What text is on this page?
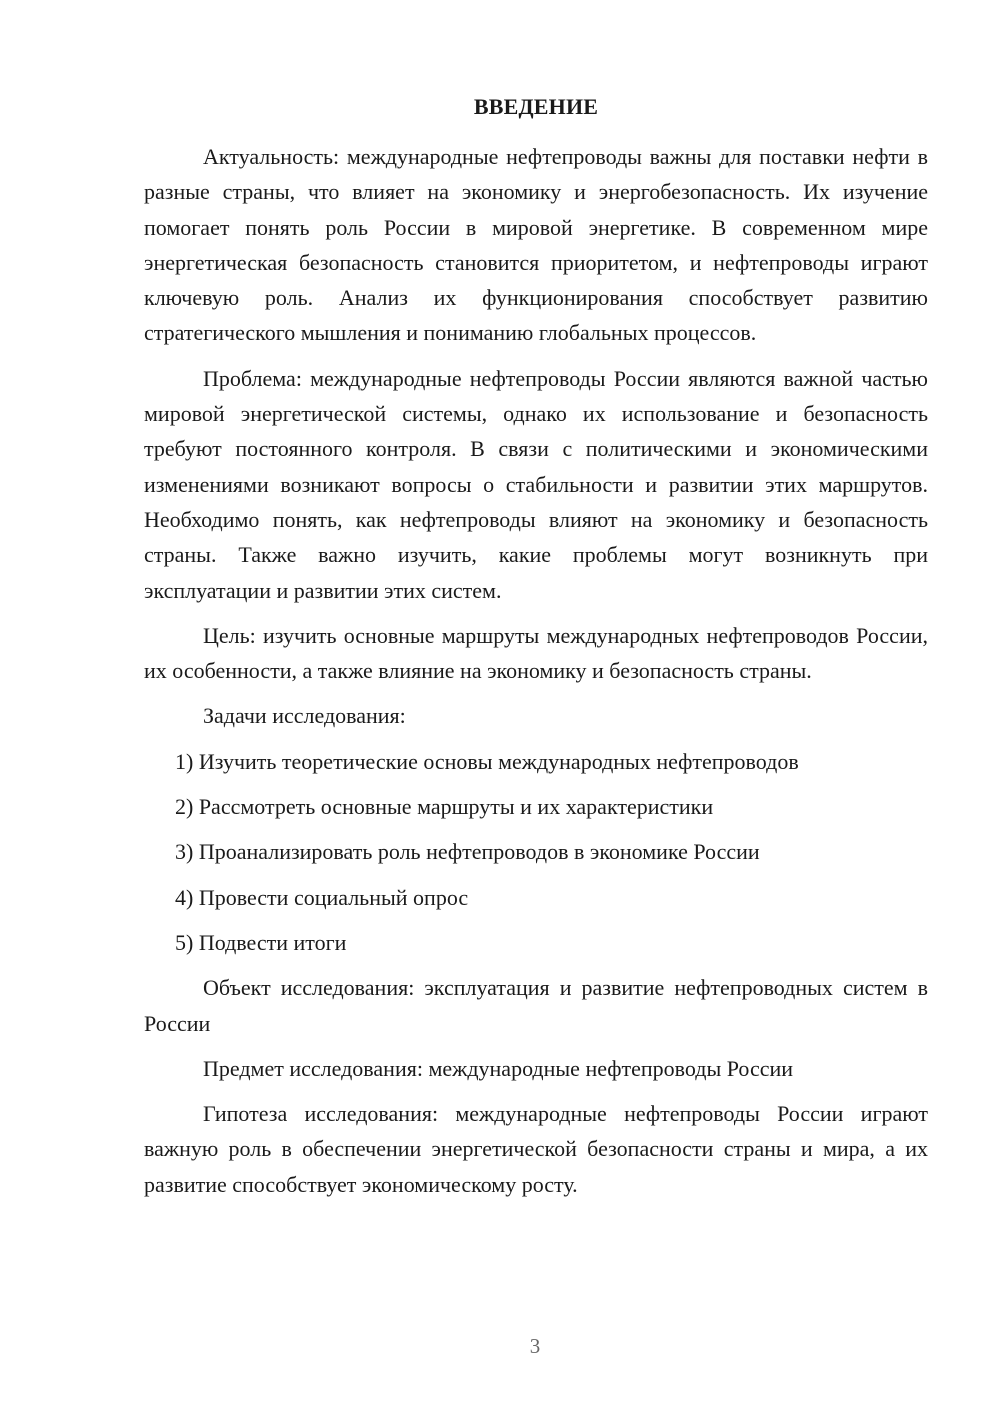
ВВЕДЕНИЕ

Актуальность: международные нефтепроводы важны для поставки нефти в разные страны, что влияет на экономику и энергобезопасность. Их изучение помогает понять роль России в мировой энергетике. В современном мире энергетическая безопасность становится приоритетом, и нефтепроводы играют ключевую роль. Анализ их функционирования способствует развитию стратегического мышления и пониманию глобальных процессов.

Проблема: международные нефтепроводы России являются важной частью мировой энергетической системы, однако их использование и безопасность требуют постоянного контроля. В связи с политическими и экономическими изменениями возникают вопросы о стабильности и развитии этих маршрутов. Необходимо понять, как нефтепроводы влияют на экономику и безопасность страны. Также важно изучить, какие проблемы могут возникнуть при эксплуатации и развитии этих систем.

Цель: изучить основные маршруты международных нефтепроводов России, их особенности, а также влияние на экономику и безопасность страны.

Задачи исследования:

1) Изучить теоретические основы международных нефтепроводов
2) Рассмотреть основные маршруты и их характеристики
3) Проанализировать роль нефтепроводов в экономике России
4) Провести социальный опрос
5) Подвести итоги

Объект исследования: эксплуатация и развитие нефтепроводных систем в России

Предмет исследования: международные нефтепроводы России

Гипотеза исследования: международные нефтепроводы России играют важную роль в обеспечении энергетической безопасности страны и мира, а их развитие способствует экономическому росту.

3
